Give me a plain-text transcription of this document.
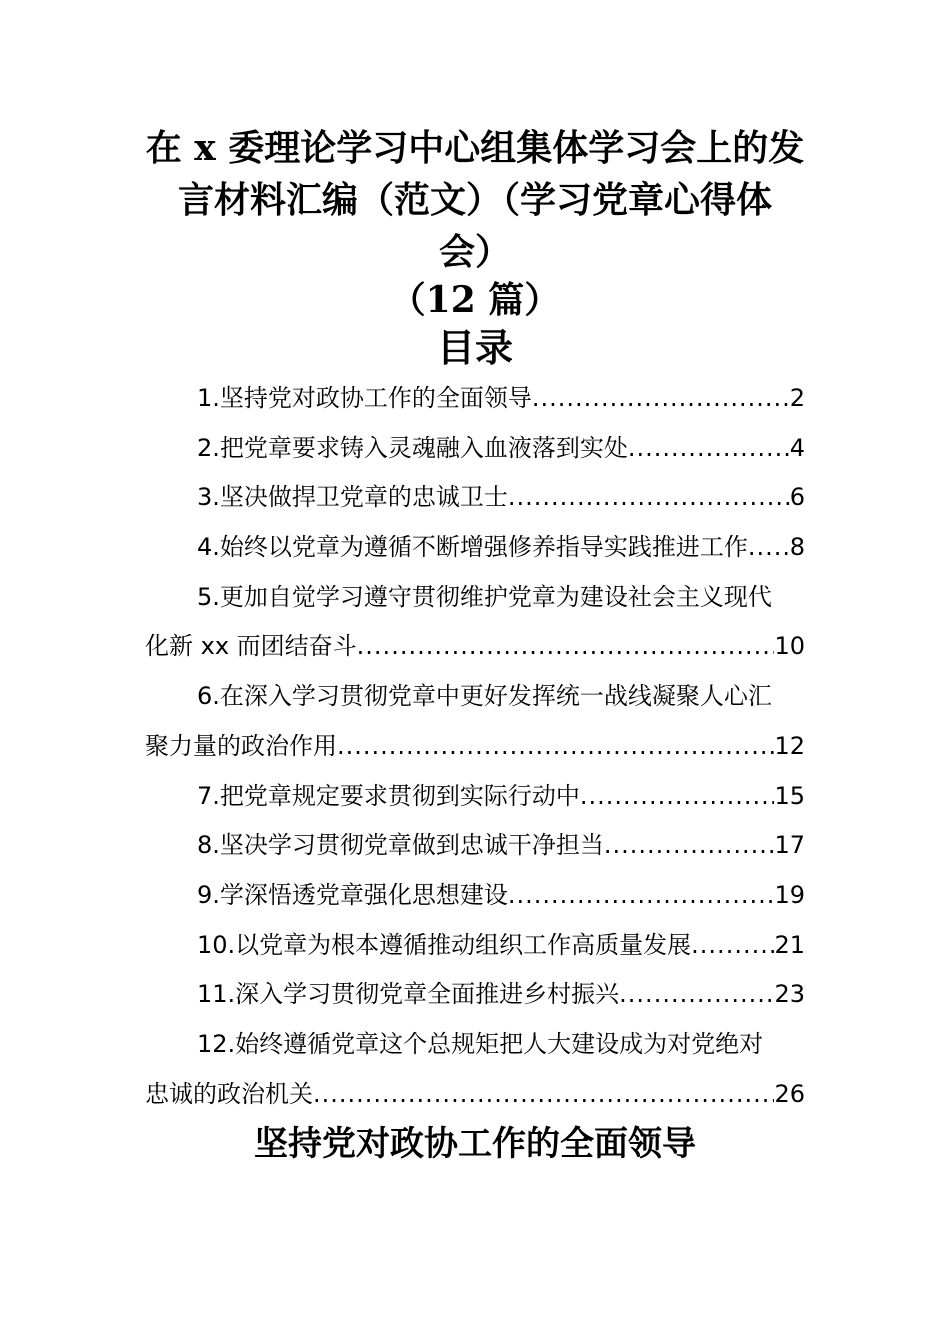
在 x 委理论学习中心组集体学习会上的发
言材料汇编（范文）（学习党章心得体
会）
（12 篇）
目录
1.坚持党对政协工作的全面领导 .....	2
2.把党章要求铸入灵魂融入血液落到实处 .....	4
3.坚决做捍卫党章的忠诚卫士 .....	6
4.始终以党章为遵循不断增强修养指导实践推进工作 ..... 8
5.更加自觉学习遵守贯彻维护党章为建设社会主义现代
化新 xx 而团结奋斗 .....	10
6.在深入学习贯彻党章中更好发挥统一战线凝聚人心汇
聚力量的政治作用 .....	12
7.把党章规定要求贯彻到实际行动中 .....	15
8.坚决学习贯彻党章做到忠诚干净担当 .....	17
9.学深悟透党章强化思想建设 .....	19
10.以党章为根本遵循推动组织工作高质量发展 .....	21
11.深入学习贯彻党章全面推进乡村振兴 .....	23
12.始终遵循党章这个总规矩把人大建设成为对党绝对
忠诚的政治机关 .....	26
坚持党对政协工作的全面领导
